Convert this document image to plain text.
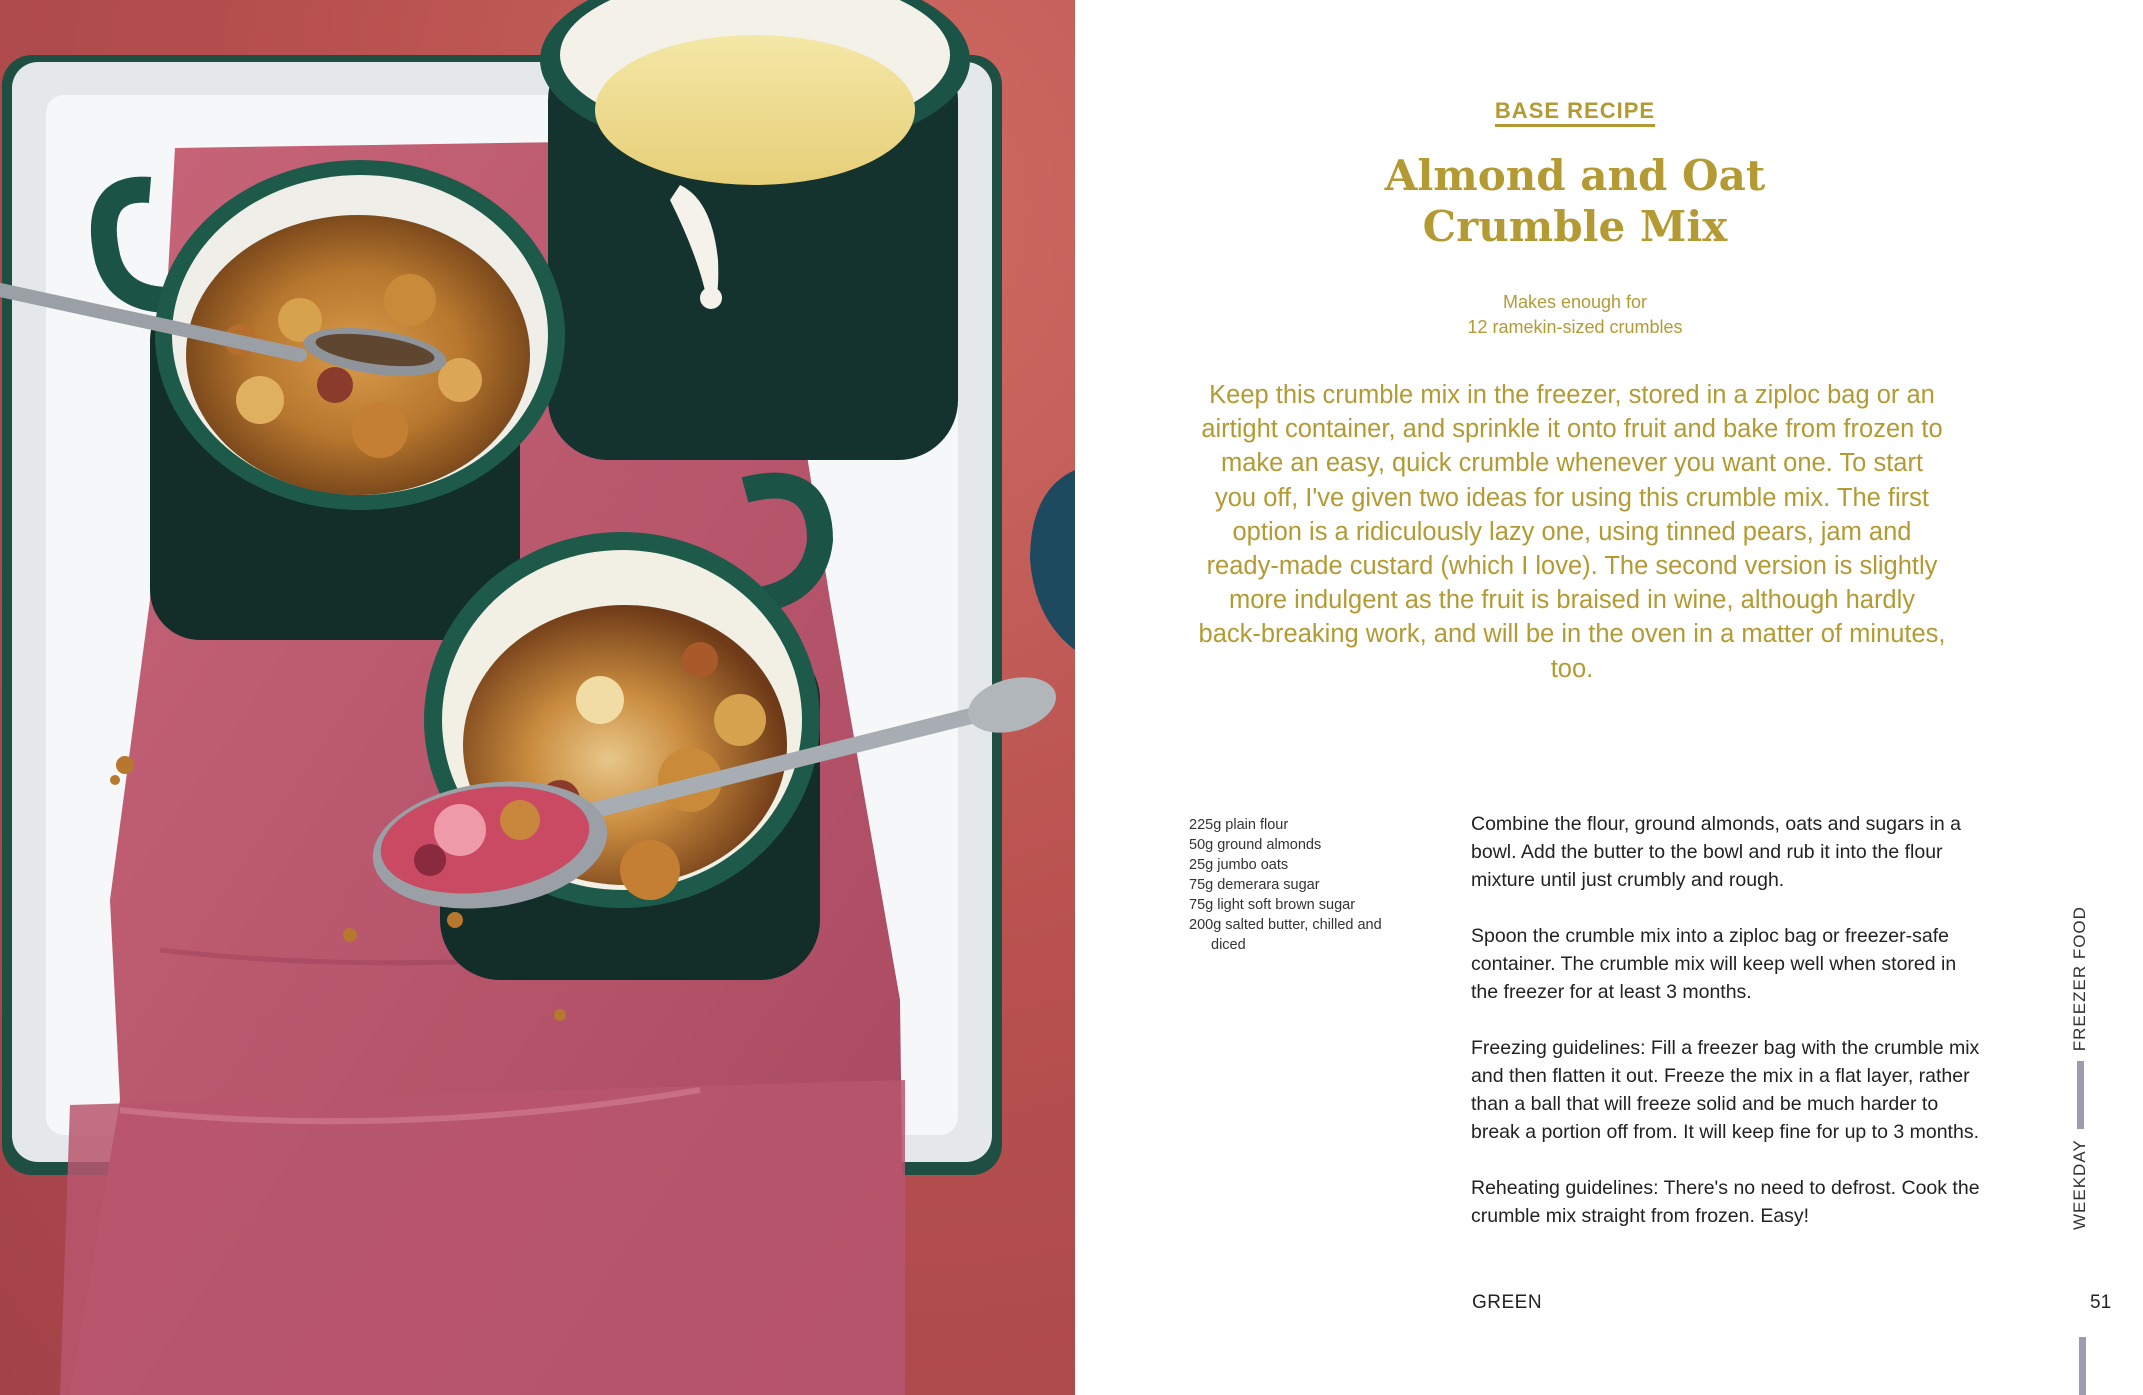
BASE RECIPE
Almond and Oat
Crumble Mix
Makes enough for
12 ramekin-sized crumbles

Keep this crumble mix in the freezer, stored in a ziploc bag or an airtight container, and sprinkle it onto fruit and bake from frozen to make an easy, quick crumble whenever you want one. To start you off, I've given two ideas for using this crumble mix. The first option is a ridiculously lazy one, using tinned pears, jam and ready-made custard (which I love). The second version is slightly more indulgent as the fruit is braised in wine, although hardly back-breaking work, and will be in the oven in a matter of minutes, too.

225g plain flour
50g ground almonds
25g jumbo oats
75g demerara sugar
75g light soft brown sugar
200g salted butter, chilled and diced

Combine the flour, ground almonds, oats and sugars in a bowl. Add the butter to the bowl and rub it into the flour mixture until just crumbly and rough.

Spoon the crumble mix into a ziploc bag or freezer-safe container. The crumble mix will keep well when stored in the freezer for at least 3 months.

Freezing guidelines: Fill a freezer bag with the crumble mix and then flatten it out. Freeze the mix in a flat layer, rather than a ball that will freeze solid and be much harder to break a portion off from. It will keep fine for up to 3 months.

Reheating guidelines: There's no need to defrost. Cook the crumble mix straight from frozen. Easy!

GREEN	51
WEEKDAY
FREEZER FOOD
